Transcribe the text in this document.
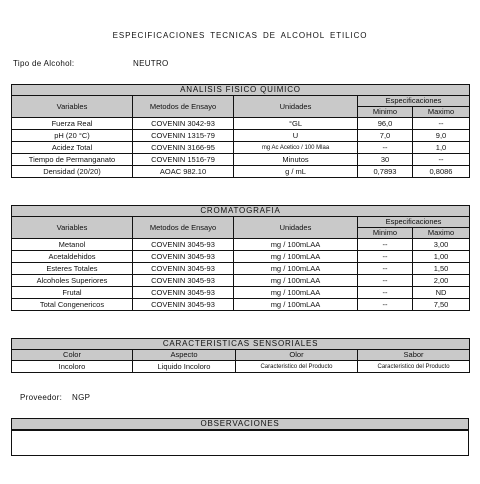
ESPECIFICACIONES TECNICAS DE ALCOHOL ETILICO
Tipo de Alcohol:	NEUTRO
ANALISIS FISICO QUIMICO				
Variables	Metodos de Ensayo	Unidades	Especificaciones	
			Minimo	Maximo
Fuerza Real	COVENIN 3042-93	°GL	96,0	--
pH (20 °C)	COVENIN 1315-79	U	7,0	9,0
Acidez Total	COVENIN 3166-95	mg Ac Acetico / 100 Mlaa	--	1,0
Tiempo de Permanganato	COVENIN 1516-79	Minutos	30	--
Densidad (20/20)	AOAC 982.10	g / mL	0,7893	0,8086
CROMATOGRAFIA				
Variables	Metodos de Ensayo	Unidades	Especificaciones	
			Minimo	Maximo
Metanol	COVENIN 3045-93	mg / 100mLAA	--	3,00
Acetaldehidos	COVENIN 3045-93	mg / 100mLAA	--	1,00
Esteres Totales	COVENIN 3045-93	mg / 100mLAA	--	1,50
Alcoholes Superiores	COVENIN 3045-93	mg / 100mLAA	--	2,00
Frutal	COVENIN 3045-93	mg / 100mLAA	--	ND
Total Congenericos	COVENIN 3045-93	mg / 100mLAA	--	7,50
CARACTERISTICAS SENSORIALES			
Color	Aspecto	Olor	Sabor
Incoloro	Liquido Incoloro	Caracteristico del Producto	Caracteristico del Producto
Proveedor: NGP
OBSERVACIONES
